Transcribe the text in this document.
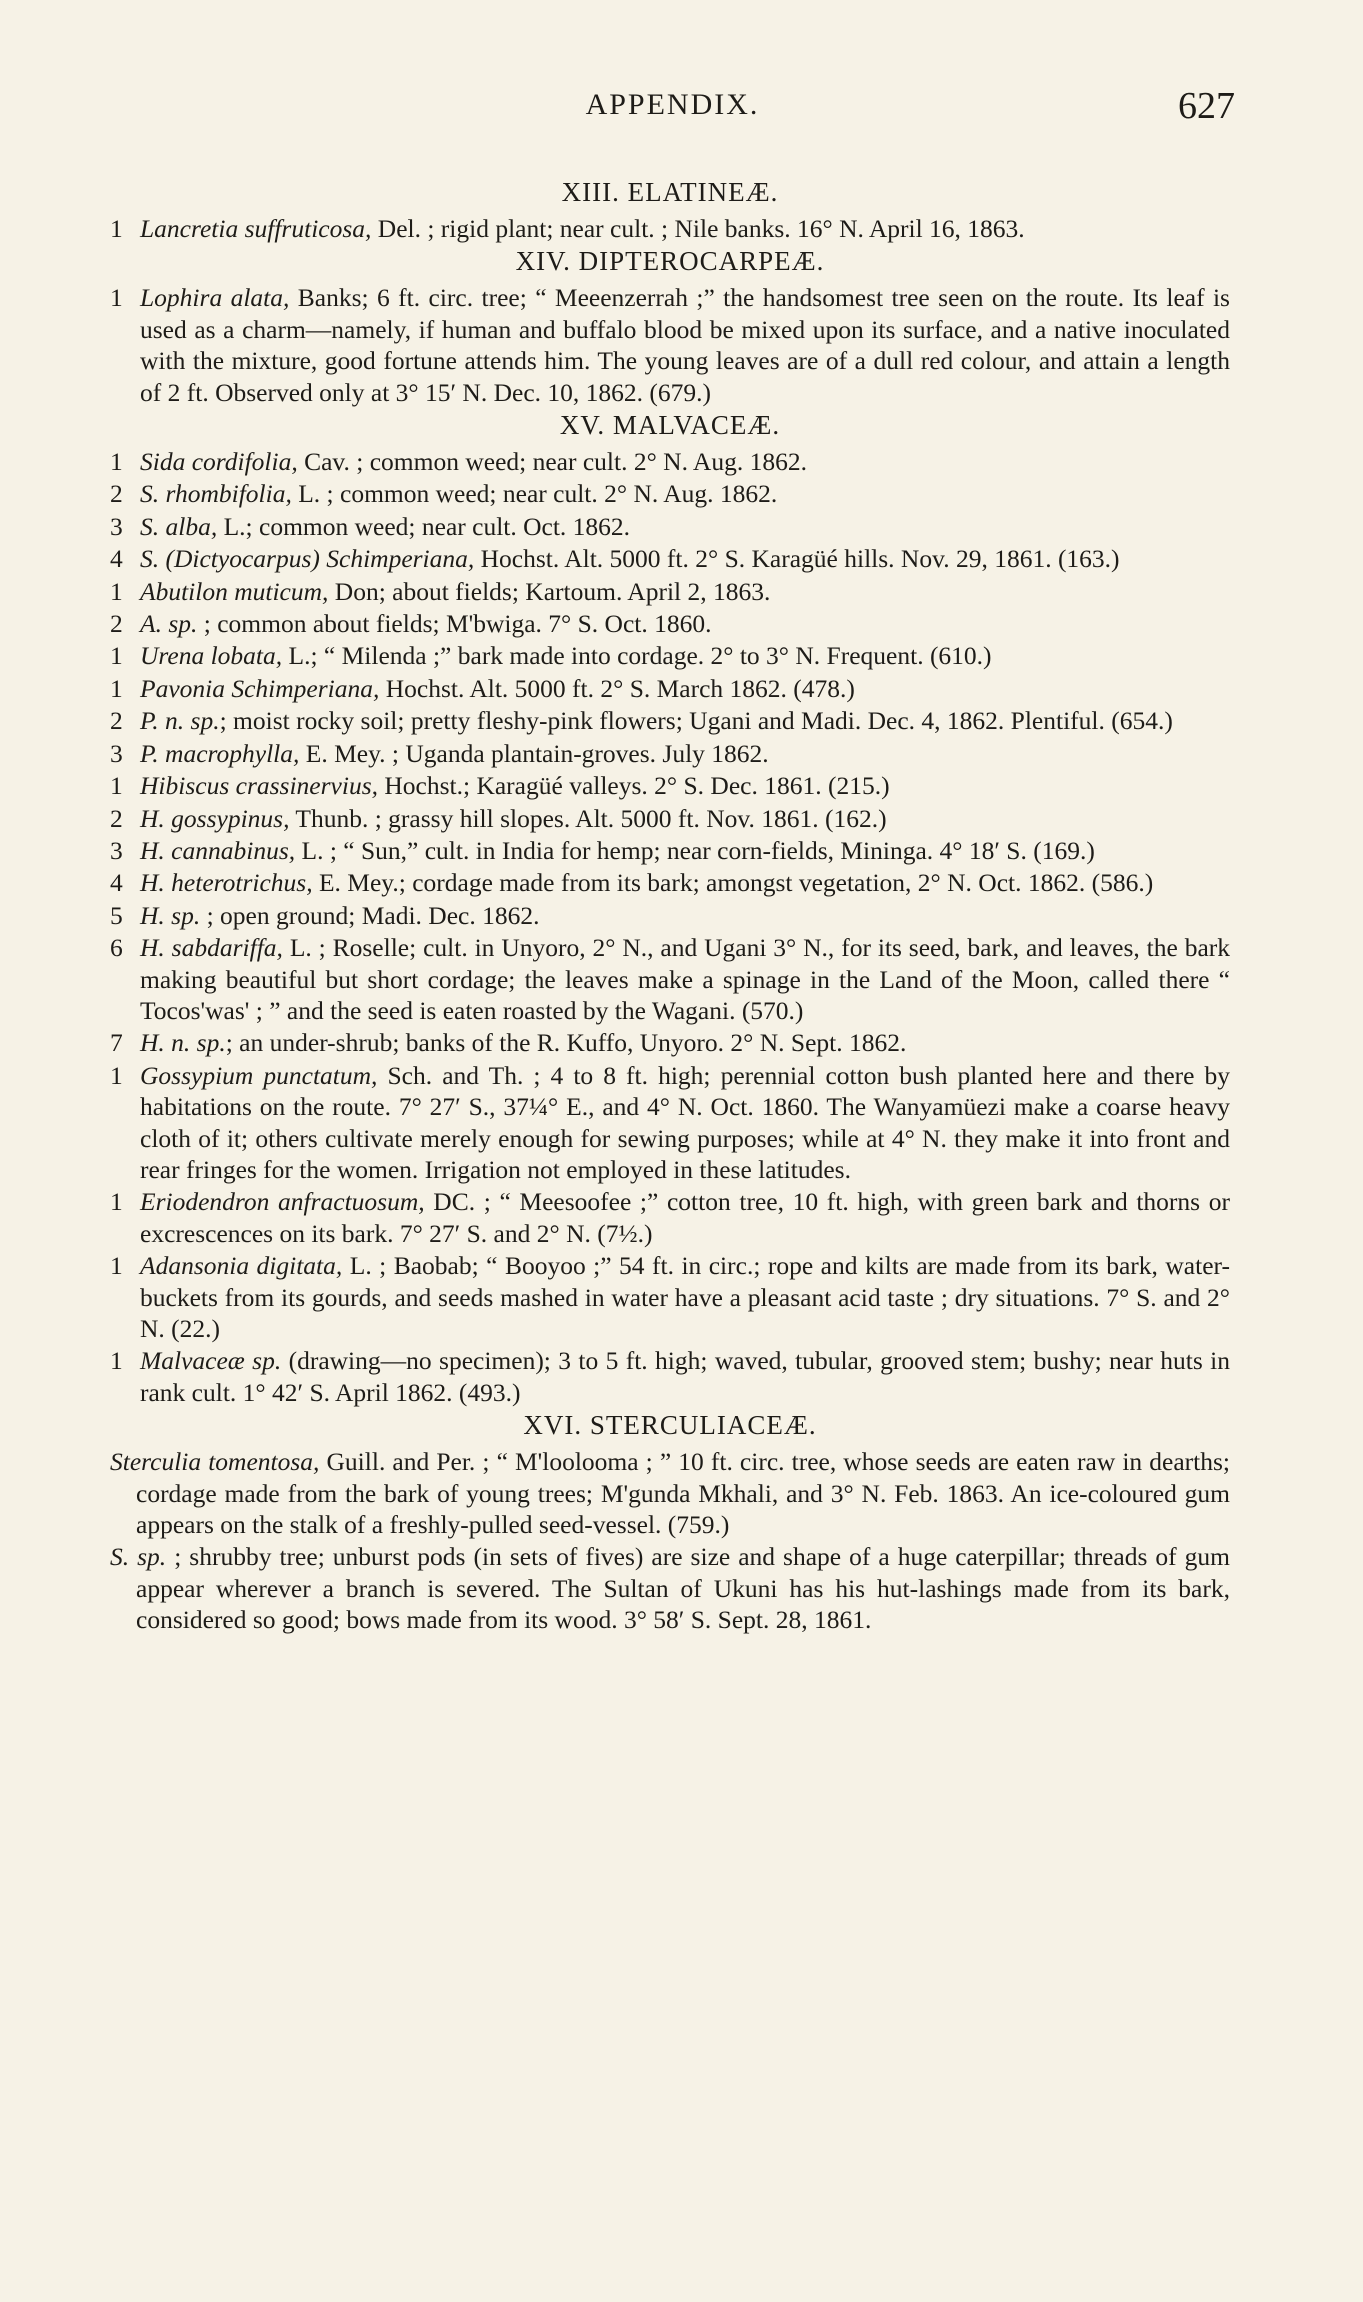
APPENDIX.	627
XIII. ELATINEÆ.
1 Lancretia suffruticosa, Del. ; rigid plant; near cult. ; Nile banks. 16° N. April 16, 1863.
XIV. DIPTEROCARPEÆ.
1 Lophira alata, Banks; 6 ft. circ. tree; “ Meeenzerrah ;” the handsomest tree seen on the route. Its leaf is used as a charm—namely, if human and buffalo blood be mixed upon its surface, and a native inoculated with the mixture, good fortune attends him. The young leaves are of a dull red colour, and attain a length of 2 ft. Observed only at 3° 15′ N. Dec. 10, 1862. (679.)
XV. MALVACEÆ.
1 Sida cordifolia, Cav. ; common weed; near cult. 2° N. Aug. 1862.
2 S. rhombifolia, L. ; common weed; near cult. 2° N. Aug. 1862.
3 S. alba, L.; common weed; near cult. Oct. 1862.
4 S. (Dictyocarpus) Schimperiana, Hochst. Alt. 5000 ft. 2° S. Karagüé hills. Nov. 29, 1861. (163.)
1 Abutilon muticum, Don; about fields; Kartoum. April 2, 1863.
2 A. sp. ; common about fields; M'bwiga. 7° S. Oct. 1860.
1 Urena lobata, L.; “ Milenda ;” bark made into cordage. 2° to 3° N. Frequent. (610.)
1 Pavonia Schimperiana, Hochst. Alt. 5000 ft. 2° S. March 1862. (478.)
2 P. n. sp.; moist rocky soil; pretty fleshy-pink flowers; Ugani and Madi. Dec. 4, 1862. Plentiful. (654.)
3 P. macrophylla, E. Mey. ; Uganda plantain-groves. July 1862.
1 Hibiscus crassinervius, Hochst.; Karagüé valleys. 2° S. Dec. 1861. (215.)
2 H. gossypinus, Thunb. ; grassy hill slopes. Alt. 5000 ft. Nov. 1861. (162.)
3 H. cannabinus, L. ; “ Sun,” cult. in India for hemp; near corn-fields, Mininga. 4° 18′ S. (169.)
4 H. heterotrichus, E. Mey.; cordage made from its bark; amongst vegetation, 2° N. Oct. 1862. (586.)
5 H. sp. ; open ground; Madi. Dec. 1862.
6 H. sabdariffa, L. ; Roselle; cult. in Unyoro, 2° N., and Ugani 3° N., for its seed, bark, and leaves, the bark making beautiful but short cordage; the leaves make a spinage in the Land of the Moon, called there “ Tocos'was' ; ” and the seed is eaten roasted by the Wagani. (570.)
7 H. n. sp.; an under-shrub; banks of the R. Kuffo, Unyoro. 2° N. Sept. 1862.
1 Gossypium punctatum, Sch. and Th. ; 4 to 8 ft. high; perennial cotton bush planted here and there by habitations on the route. 7° 27′ S., 37¼° E., and 4° N. Oct. 1860. The Wanyamüezi make a coarse heavy cloth of it; others cultivate merely enough for sewing purposes; while at 4° N. they make it into front and rear fringes for the women. Irrigation not employed in these latitudes.
1 Eriodendron anfractuosum, DC. ; “ Meesoofee ;” cotton tree, 10 ft. high, with green bark and thorns or excrescences on its bark. 7° 27′ S. and 2° N. (7½.)
1 Adansonia digitata, L. ; Baobab; “ Booyoo ;” 54 ft. in circ.; rope and kilts are made from its bark, water-buckets from its gourds, and seeds mashed in water have a pleasant acid taste ; dry situations. 7° S. and 2° N. (22.)
1 Malvaceæ sp. (drawing—no specimen); 3 to 5 ft. high; waved, tubular, grooved stem; bushy; near huts in rank cult. 1° 42′ S. April 1862. (493.)
XVI. STERCULIACEÆ.
Sterculia tomentosa, Guill. and Per. ; “ M'loolooma ; ” 10 ft. circ. tree, whose seeds are eaten raw in dearths; cordage made from the bark of young trees; M'gunda Mkhali, and 3° N. Feb. 1863. An ice-coloured gum appears on the stalk of a freshly-pulled seed-vessel. (759.)
S. sp. ; shrubby tree; unburst pods (in sets of fives) are size and shape of a huge caterpillar; threads of gum appear wherever a branch is severed. The Sultan of Ukuni has his hut-lashings made from its bark, considered so good; bows made from its wood. 3° 58′ S. Sept. 28, 1861.
